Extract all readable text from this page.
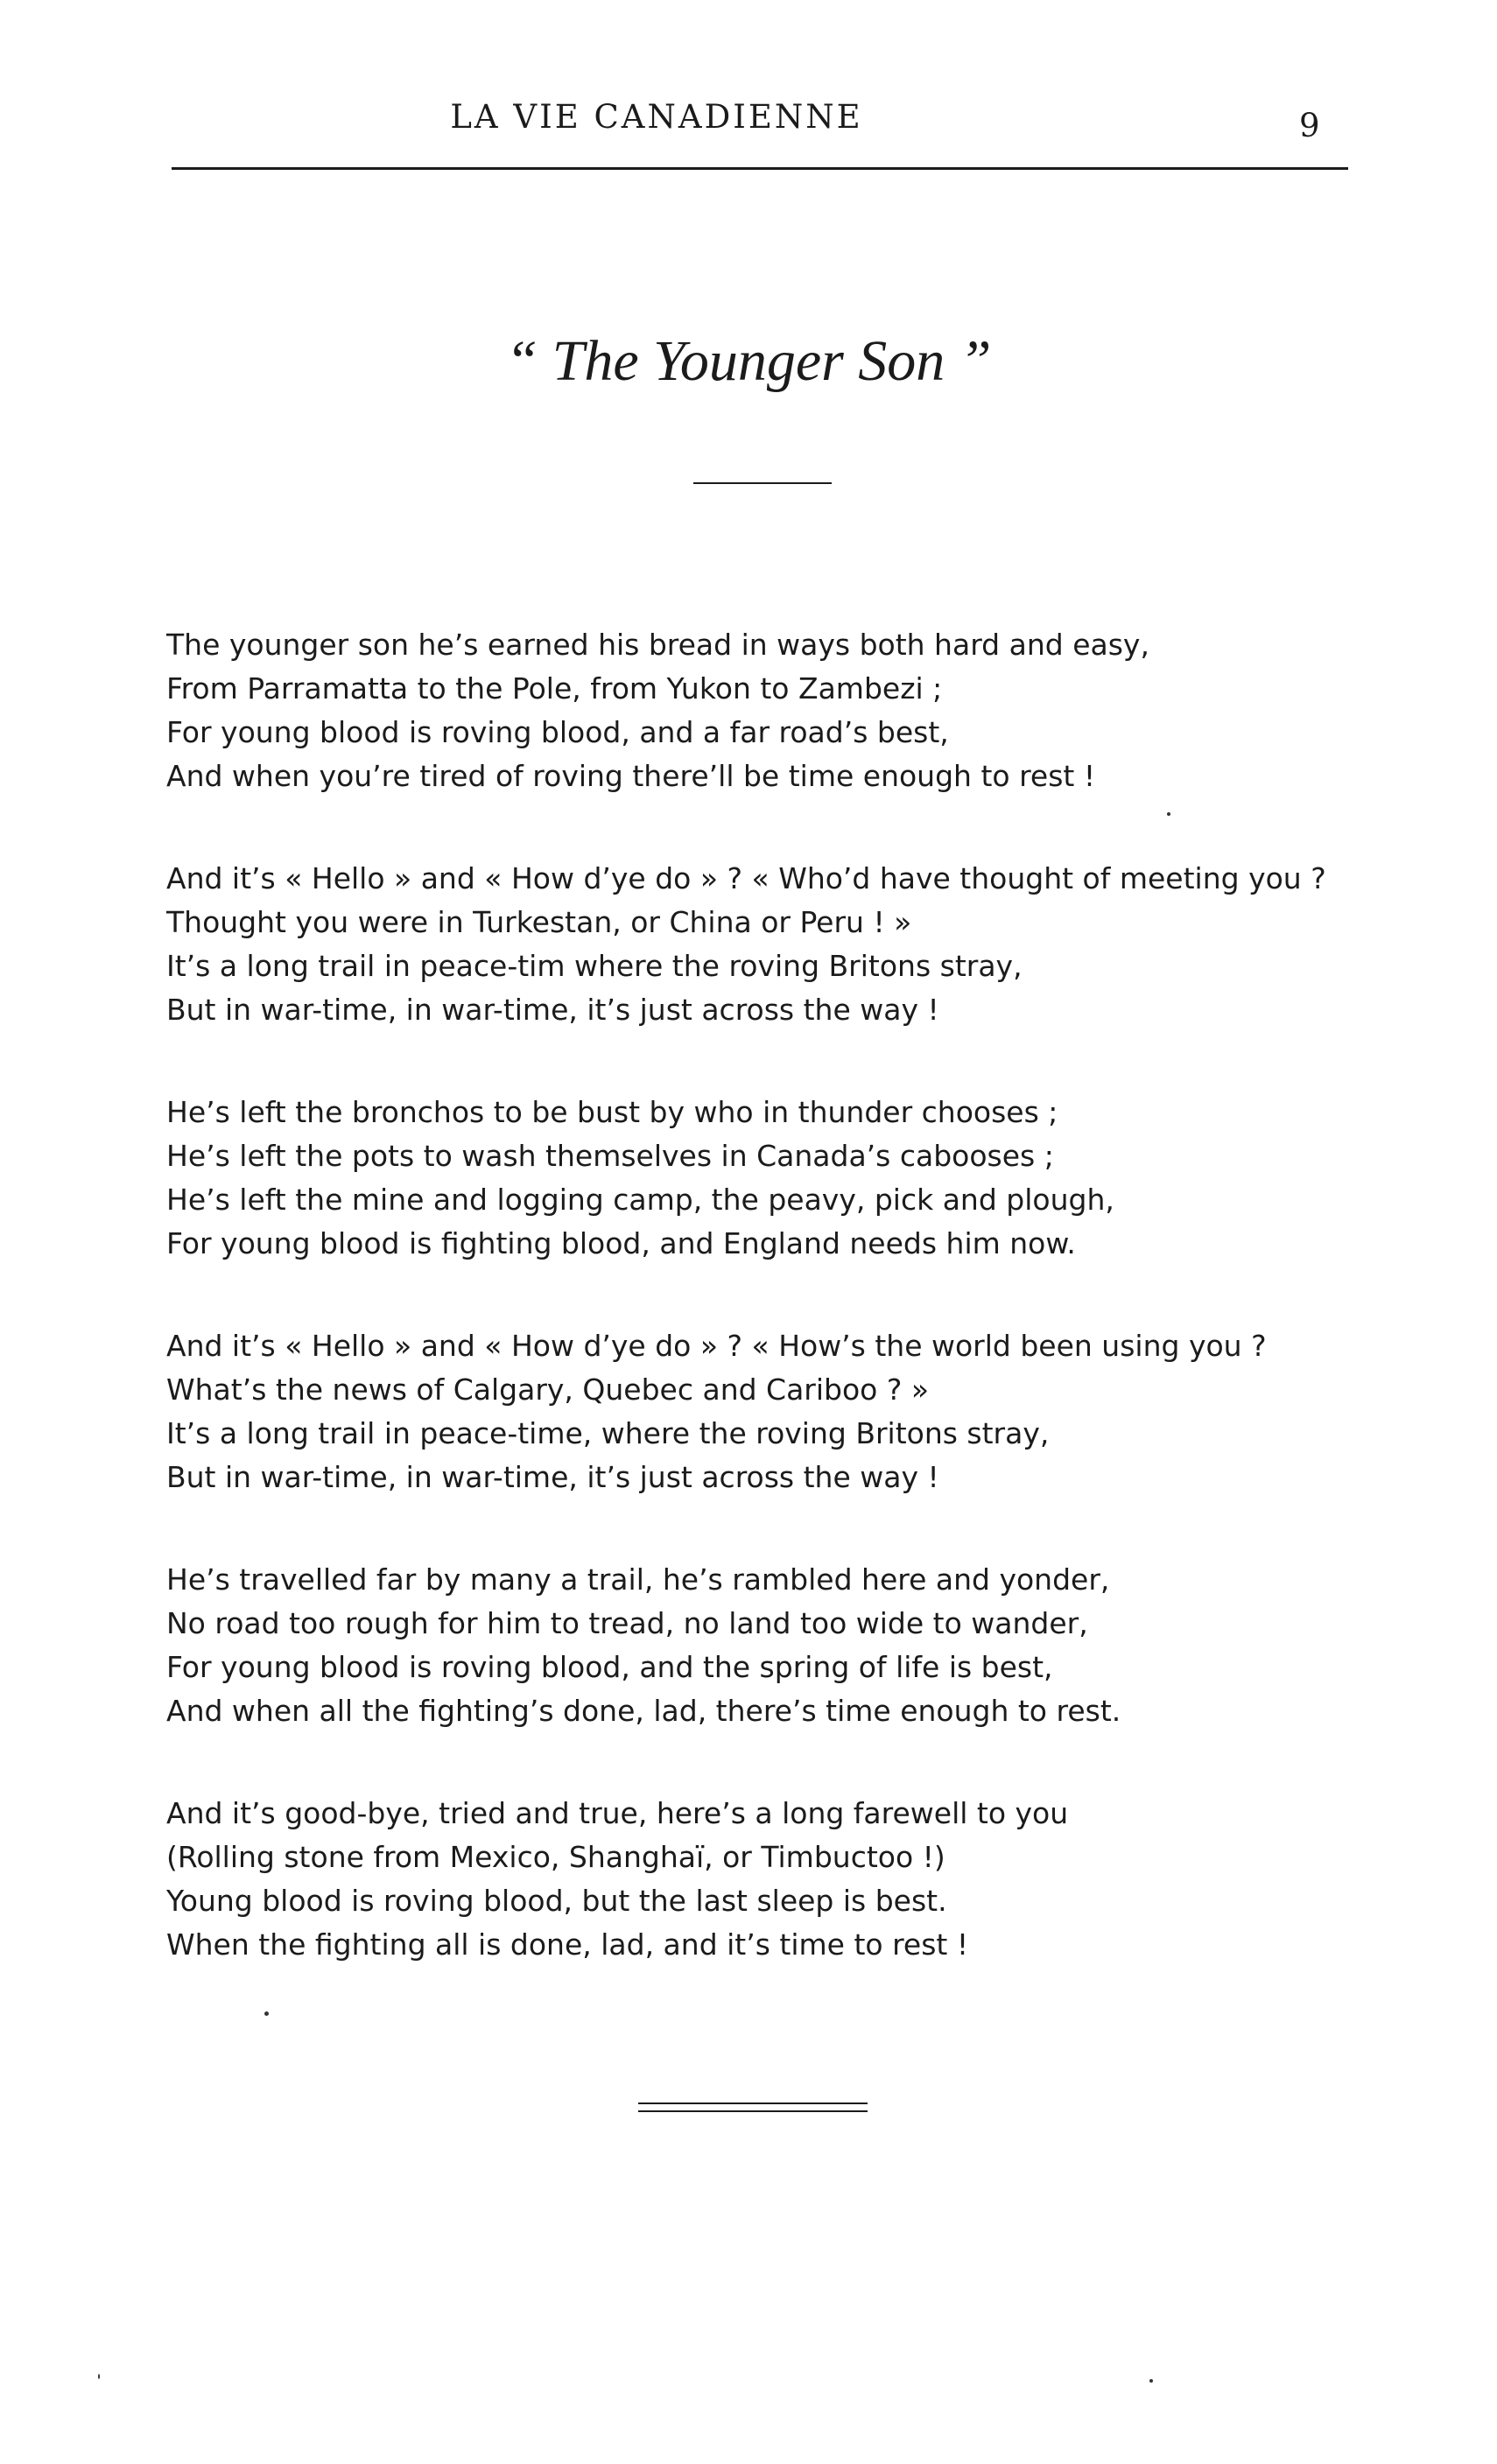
LA VIE CANADIENNE	9
“ The Younger Son ”
The younger son he’s earned his bread in ways both hard and easy,
From Parramatta to the Pole, from Yukon to Zambezi ;
For young blood is roving blood, and a far road’s best,
And when you’re tired of roving there’ll be time enough to rest !
And it’s « Hello » and « How d’ye do » ? « Who’d have thought of meeting you ?
Thought you were in Turkestan, or China or Peru ! »
It’s a long trail in peace-tim where the roving Britons stray,
But in war-time, in war-time, it’s just across the way !
He’s left the bronchos to be bust by who in thunder chooses ;
He’s left the pots to wash themselves in Canada’s cabooses ;
He’s left the mine and logging camp, the peavy, pick and plough,
For young blood is fighting blood, and England needs him now.
And it’s « Hello » and « How d’ye do » ? « How’s the world been using you ?
What’s the news of Calgary, Quebec and Cariboo ? »
It’s a long trail in peace-time, where the roving Britons stray,
But in war-time, in war-time, it’s just across the way !
He’s travelled far by many a trail, he’s rambled here and yonder,
No road too rough for him to tread, no land too wide to wander,
For young blood is roving blood, and the spring of life is best,
And when all the fighting’s done, lad, there’s time enough to rest.
And it’s good-bye, tried and true, here’s a long farewell to you
(Rolling stone from Mexico, Shanghaï, or Timbuctoo !)
Young blood is roving blood, but the last sleep is best.
When the fighting all is done, lad, and it’s time to rest !
